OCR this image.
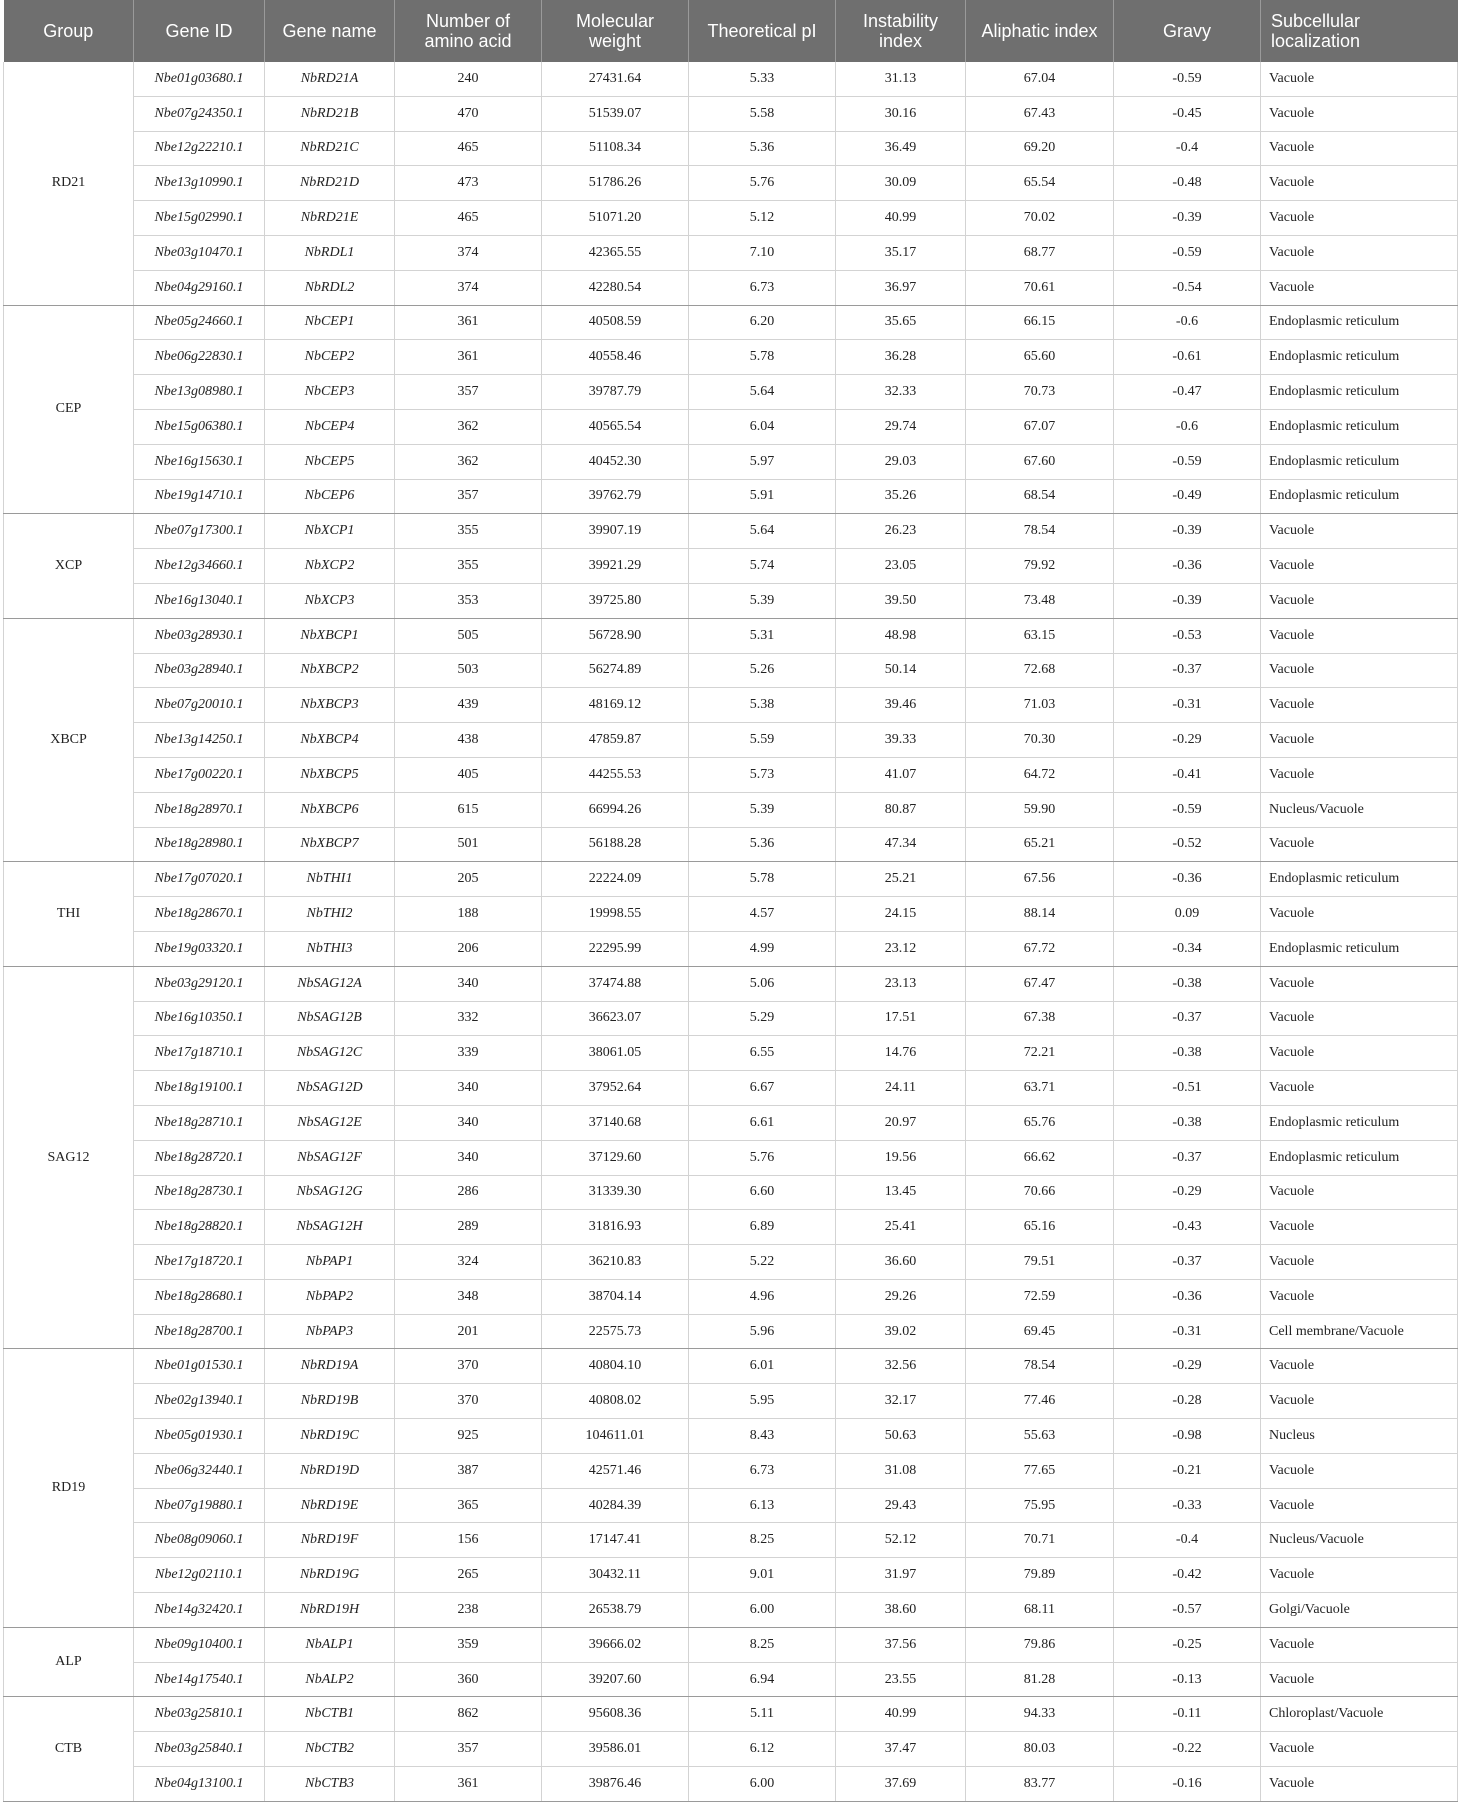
Group	Gene ID	Gene name	Number of amino acid	Molecular weight	Theoretical pI	Instability index	Aliphatic index	Gravy	Subcellular localization
RD21	Nbe01g03680.1	NbRD21A	240	27431.64	5.33	31.13	67.04	-0.59	Vacuole
	Nbe07g24350.1	NbRD21B	470	51539.07	5.58	30.16	67.43	-0.45	Vacuole
	Nbe12g22210.1	NbRD21C	465	51108.34	5.36	36.49	69.20	-0.4	Vacuole
	Nbe13g10990.1	NbRD21D	473	51786.26	5.76	30.09	65.54	-0.48	Vacuole
	Nbe15g02990.1	NbRD21E	465	51071.20	5.12	40.99	70.02	-0.39	Vacuole
	Nbe03g10470.1	NbRDL1	374	42365.55	7.10	35.17	68.77	-0.59	Vacuole
	Nbe04g29160.1	NbRDL2	374	42280.54	6.73	36.97	70.61	-0.54	Vacuole
CEP	Nbe05g24660.1	NbCEP1	361	40508.59	6.20	35.65	66.15	-0.6	Endoplasmic reticulum
	Nbe06g22830.1	NbCEP2	361	40558.46	5.78	36.28	65.60	-0.61	Endoplasmic reticulum
	Nbe13g08980.1	NbCEP3	357	39787.79	5.64	32.33	70.73	-0.47	Endoplasmic reticulum
	Nbe15g06380.1	NbCEP4	362	40565.54	6.04	29.74	67.07	-0.6	Endoplasmic reticulum
	Nbe16g15630.1	NbCEP5	362	40452.30	5.97	29.03	67.60	-0.59	Endoplasmic reticulum
	Nbe19g14710.1	NbCEP6	357	39762.79	5.91	35.26	68.54	-0.49	Endoplasmic reticulum
XCP	Nbe07g17300.1	NbXCP1	355	39907.19	5.64	26.23	78.54	-0.39	Vacuole
	Nbe12g34660.1	NbXCP2	355	39921.29	5.74	23.05	79.92	-0.36	Vacuole
	Nbe16g13040.1	NbXCP3	353	39725.80	5.39	39.50	73.48	-0.39	Vacuole
XBCP	Nbe03g28930.1	NbXBCP1	505	56728.90	5.31	48.98	63.15	-0.53	Vacuole
	Nbe03g28940.1	NbXBCP2	503	56274.89	5.26	50.14	72.68	-0.37	Vacuole
	Nbe07g20010.1	NbXBCP3	439	48169.12	5.38	39.46	71.03	-0.31	Vacuole
	Nbe13g14250.1	NbXBCP4	438	47859.87	5.59	39.33	70.30	-0.29	Vacuole
	Nbe17g00220.1	NbXBCP5	405	44255.53	5.73	41.07	64.72	-0.41	Vacuole
	Nbe18g28970.1	NbXBCP6	615	66994.26	5.39	80.87	59.90	-0.59	Nucleus/Vacuole
	Nbe18g28980.1	NbXBCP7	501	56188.28	5.36	47.34	65.21	-0.52	Vacuole
THI	Nbe17g07020.1	NbTHI1	205	22224.09	5.78	25.21	67.56	-0.36	Endoplasmic reticulum
	Nbe18g28670.1	NbTHI2	188	19998.55	4.57	24.15	88.14	0.09	Vacuole
	Nbe19g03320.1	NbTHI3	206	22295.99	4.99	23.12	67.72	-0.34	Endoplasmic reticulum
SAG12	Nbe03g29120.1	NbSAG12A	340	37474.88	5.06	23.13	67.47	-0.38	Vacuole
	Nbe16g10350.1	NbSAG12B	332	36623.07	5.29	17.51	67.38	-0.37	Vacuole
	Nbe17g18710.1	NbSAG12C	339	38061.05	6.55	14.76	72.21	-0.38	Vacuole
	Nbe18g19100.1	NbSAG12D	340	37952.64	6.67	24.11	63.71	-0.51	Vacuole
	Nbe18g28710.1	NbSAG12E	340	37140.68	6.61	20.97	65.76	-0.38	Endoplasmic reticulum
	Nbe18g28720.1	NbSAG12F	340	37129.60	5.76	19.56	66.62	-0.37	Endoplasmic reticulum
	Nbe18g28730.1	NbSAG12G	286	31339.30	6.60	13.45	70.66	-0.29	Vacuole
	Nbe18g28820.1	NbSAG12H	289	31816.93	6.89	25.41	65.16	-0.43	Vacuole
	Nbe17g18720.1	NbPAP1	324	36210.83	5.22	36.60	79.51	-0.37	Vacuole
	Nbe18g28680.1	NbPAP2	348	38704.14	4.96	29.26	72.59	-0.36	Vacuole
	Nbe18g28700.1	NbPAP3	201	22575.73	5.96	39.02	69.45	-0.31	Cell membrane/Vacuole
RD19	Nbe01g01530.1	NbRD19A	370	40804.10	6.01	32.56	78.54	-0.29	Vacuole
	Nbe02g13940.1	NbRD19B	370	40808.02	5.95	32.17	77.46	-0.28	Vacuole
	Nbe05g01930.1	NbRD19C	925	104611.01	8.43	50.63	55.63	-0.98	Nucleus
	Nbe06g32440.1	NbRD19D	387	42571.46	6.73	31.08	77.65	-0.21	Vacuole
	Nbe07g19880.1	NbRD19E	365	40284.39	6.13	29.43	75.95	-0.33	Vacuole
	Nbe08g09060.1	NbRD19F	156	17147.41	8.25	52.12	70.71	-0.4	Nucleus/Vacuole
	Nbe12g02110.1	NbRD19G	265	30432.11	9.01	31.97	79.89	-0.42	Vacuole
	Nbe14g32420.1	NbRD19H	238	26538.79	6.00	38.60	68.11	-0.57	Golgi/Vacuole
ALP	Nbe09g10400.1	NbALP1	359	39666.02	8.25	37.56	79.86	-0.25	Vacuole
	Nbe14g17540.1	NbALP2	360	39207.60	6.94	23.55	81.28	-0.13	Vacuole
CTB	Nbe03g25810.1	NbCTB1	862	95608.36	5.11	40.99	94.33	-0.11	Chloroplast/Vacuole
	Nbe03g25840.1	NbCTB2	357	39586.01	6.12	37.47	80.03	-0.22	Vacuole
	Nbe04g13100.1	NbCTB3	361	39876.46	6.00	37.69	83.77	-0.16	Vacuole
